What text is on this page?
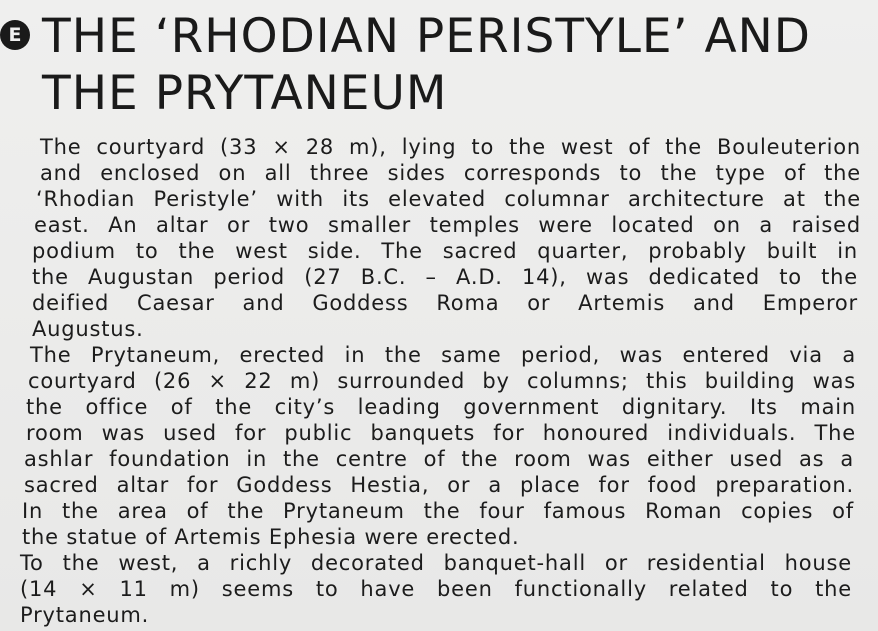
E THE ‘RHODIAN PERISTYLE’ AND
THE PRYTANEUM
The courtyard (33 × 28 m), lying to the west of the Bouleuterion
and enclosed on all three sides corresponds to the type of the
‘Rhodian Peristyle’ with its elevated columnar architecture at the
east. An altar or two smaller temples were located on a raised
podium to the west side. The sacred quarter, probably built in
the Augustan period (27 B.C. – A.D. 14), was dedicated to the
deified Caesar and Goddess Roma or Artemis and Emperor
Augustus.
The Prytaneum, erected in the same period, was entered via a
courtyard (26 × 22 m) surrounded by columns; this building was
the office of the city’s leading government dignitary. Its main
room was used for public banquets for honoured individuals. The
ashlar foundation in the centre of the room was either used as a
sacred altar for Goddess Hestia, or a place for food preparation.
In the area of the Prytaneum the four famous Roman copies of
the statue of Artemis Ephesia were erected.
To the west, a richly decorated banquet-hall or residential house
(14 × 11 m) seems to have been functionally related to the
Prytaneum.
